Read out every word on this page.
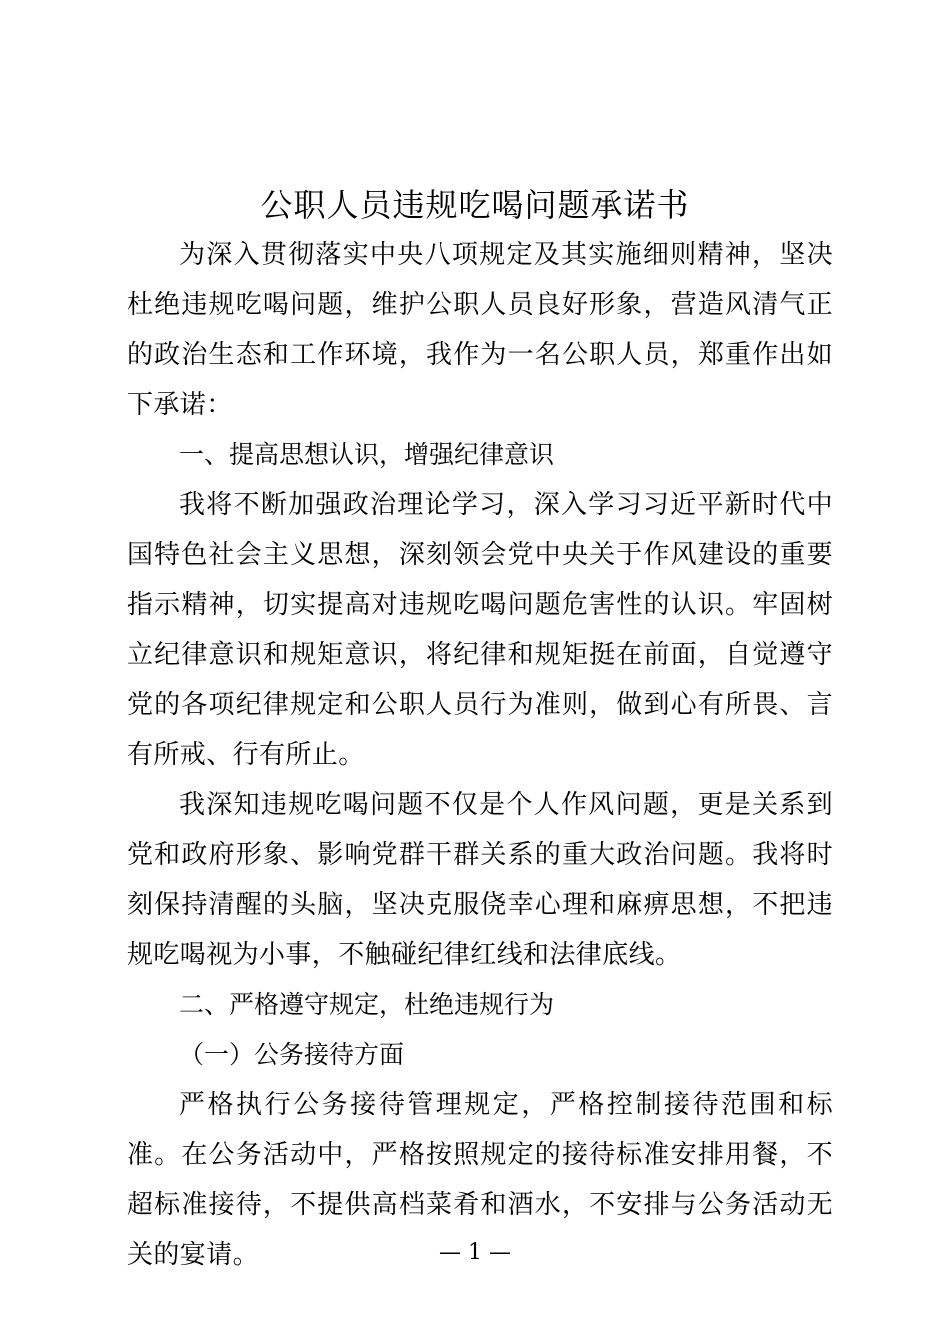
公职人员违规吃喝问题承诺书

为深入贯彻落实中央八项规定及其实施细则精神，坚决杜绝违规吃喝问题，维护公职人员良好形象，营造风清气正的政治生态和工作环境，我作为一名公职人员，郑重作出如下承诺：

一、提高思想认识，增强纪律意识

我将不断加强政治理论学习，深入学习习近平新时代中国特色社会主义思想，深刻领会党中央关于作风建设的重要指示精神，切实提高对违规吃喝问题危害性的认识。牢固树立纪律意识和规矩意识，将纪律和规矩挺在前面，自觉遵守党的各项纪律规定和公职人员行为准则，做到心有所畏、言有所戒、行有所止。

我深知违规吃喝问题不仅是个人作风问题，更是关系到党和政府形象、影响党群干群关系的重大政治问题。我将时刻保持清醒的头脑，坚决克服侥幸心理和麻痹思想，不把违规吃喝视为小事，不触碰纪律红线和法律底线。

二、严格遵守规定，杜绝违规行为

（一）公务接待方面

严格执行公务接待管理规定，严格控制接待范围和标准。在公务活动中，严格按照规定的接待标准安排用餐，不超标准接待，不提供高档菜肴和酒水，不安排与公务活动无关的宴请。	— 1 —
